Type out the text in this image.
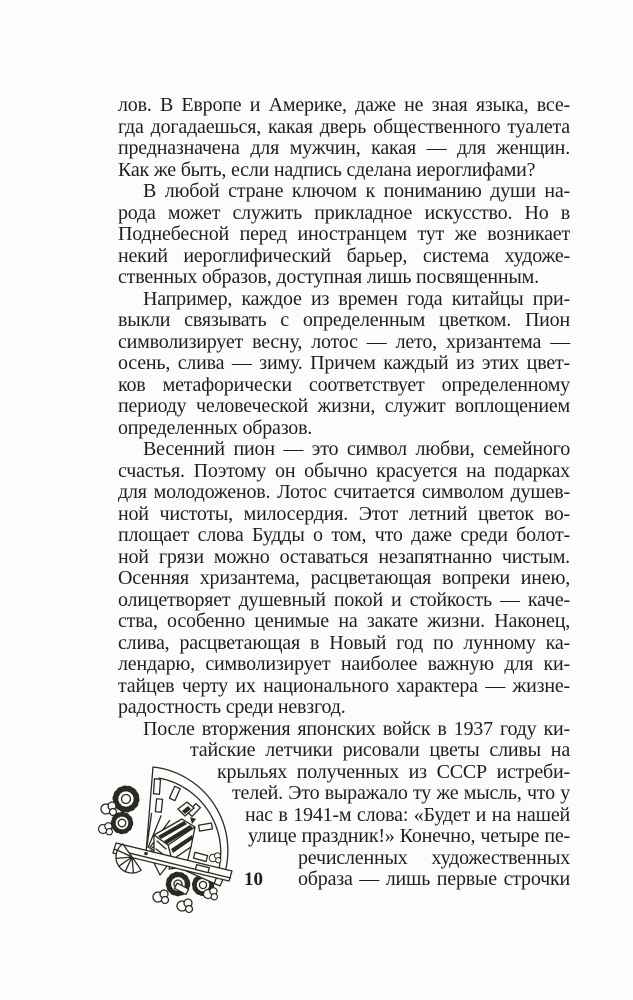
лов. В Европе и Америке, даже не зная языка, все-
гда догадаешься, какая дверь общественного туалета
предназначена для мужчин, какая — для женщин.
Как же быть, если надпись сделана иероглифами?
В любой стране ключом к пониманию души на-
рода может служить прикладное искусство. Но в
Поднебесной перед иностранцем тут же возникает
некий иероглифический барьер, система художе-
ственных образов, доступная лишь посвященным.
Например, каждое из времен года китайцы при-
выкли связывать с определенным цветком. Пион
символизирует весну, лотос — лето, хризантема —
осень, слива — зиму. Причем каждый из этих цвет-
ков метафорически соответствует определенному
периоду человеческой жизни, служит воплощением
определенных образов.
Весенний пион — это символ любви, семейного
счастья. Поэтому он обычно красуется на подарках
для молодоженов. Лотос считается символом душев-
ной чистоты, милосердия. Этот летний цветок во-
площает слова Будды о том, что даже среди болот-
ной грязи можно оставаться незапятнанно чистым.
Осенняя хризантема, расцветающая вопреки инею,
олицетворяет душевный покой и стойкость — каче-
ства, особенно ценимые на закате жизни. Наконец,
слива, расцветающая в Новый год по лунному ка-
лендарю, символизирует наиболее важную для ки-
тайцев черту их национального характера — жизне-
радостность среди невзгод.
После вторжения японских войск в 1937 году ки-
тайские летчики рисовали цветы сливы на
крыльях полученных из СССР истреби-
телей. Это выражало ту же мысль, что у
нас в 1941-м слова: «Будет и на нашей
улице праздник!» Конечно, четыре пе-
речисленных художественных
образа — лишь первые строчки
10
